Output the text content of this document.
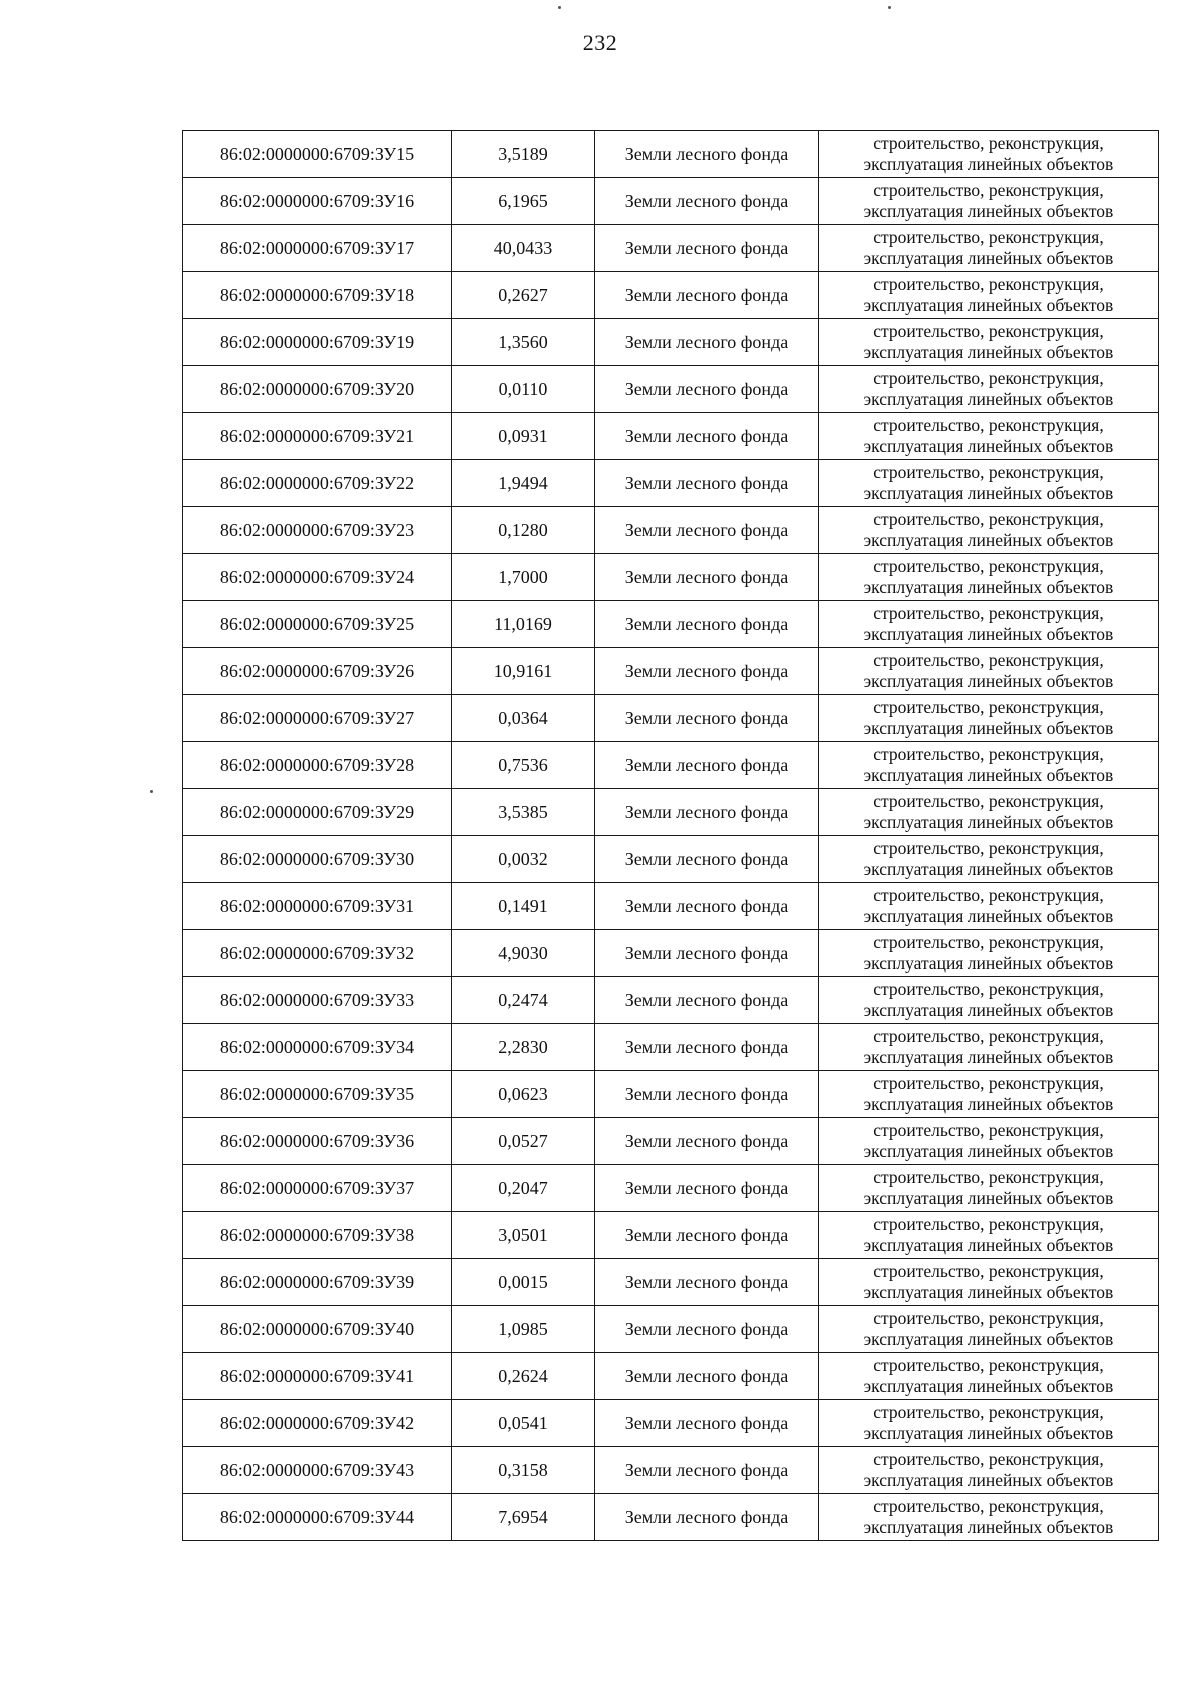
232
86:02:0000000:6709:ЗУ15	3,5189	Земли лесного фонда	строительство, реконструкция,
эксплуатация линейных объектов

86:02:0000000:6709:ЗУ16	6,1965	Земли лесного фонда	строительство, реконструкция,
эксплуатация линейных объектов

86:02:0000000:6709:ЗУ17	40,0433	Земли лесного фонда	строительство, реконструкция,
эксплуатация линейных объектов

86:02:0000000:6709:ЗУ18	0,2627	Земли лесного фонда	строительство, реконструкция,
эксплуатация линейных объектов

86:02:0000000:6709:ЗУ19	1,3560	Земли лесного фонда	строительство, реконструкция,
эксплуатация линейных объектов

86:02:0000000:6709:ЗУ20	0,0110	Земли лесного фонда	строительство, реконструкция,
эксплуатация линейных объектов

86:02:0000000:6709:ЗУ21	0,0931	Земли лесного фонда	строительство, реконструкция,
эксплуатация линейных объектов

86:02:0000000:6709:ЗУ22	1,9494	Земли лесного фонда	строительство, реконструкция,
эксплуатация линейных объектов

86:02:0000000:6709:ЗУ23	0,1280	Земли лесного фонда	строительство, реконструкция,
эксплуатация линейных объектов

86:02:0000000:6709:ЗУ24	1,7000	Земли лесного фонда	строительство, реконструкция,
эксплуатация линейных объектов

86:02:0000000:6709:ЗУ25	11,0169	Земли лесного фонда	строительство, реконструкция,
эксплуатация линейных объектов

86:02:0000000:6709:ЗУ26	10,9161	Земли лесного фонда	строительство, реконструкция,
эксплуатация линейных объектов

86:02:0000000:6709:ЗУ27	0,0364	Земли лесного фонда	строительство, реконструкция,
эксплуатация линейных объектов

86:02:0000000:6709:ЗУ28	0,7536	Земли лесного фонда	строительство, реконструкция,
эксплуатация линейных объектов

86:02:0000000:6709:ЗУ29	3,5385	Земли лесного фонда	строительство, реконструкция,
эксплуатация линейных объектов

86:02:0000000:6709:ЗУ30	0,0032	Земли лесного фонда	строительство, реконструкция,
эксплуатация линейных объектов

86:02:0000000:6709:ЗУ31	0,1491	Земли лесного фонда	строительство, реконструкция,
эксплуатация линейных объектов

86:02:0000000:6709:ЗУ32	4,9030	Земли лесного фонда	строительство, реконструкция,
эксплуатация линейных объектов

86:02:0000000:6709:ЗУ33	0,2474	Земли лесного фонда	строительство, реконструкция,
эксплуатация линейных объектов

86:02:0000000:6709:ЗУ34	2,2830	Земли лесного фонда	строительство, реконструкция,
эксплуатация линейных объектов

86:02:0000000:6709:ЗУ35	0,0623	Земли лесного фонда	строительство, реконструкция,
эксплуатация линейных объектов

86:02:0000000:6709:ЗУ36	0,0527	Земли лесного фонда	строительство, реконструкция,
эксплуатация линейных объектов

86:02:0000000:6709:ЗУ37	0,2047	Земли лесного фонда	строительство, реконструкция,
эксплуатация линейных объектов

86:02:0000000:6709:ЗУ38	3,0501	Земли лесного фонда	строительство, реконструкция,
эксплуатация линейных объектов

86:02:0000000:6709:ЗУ39	0,0015	Земли лесного фонда	строительство, реконструкция,
эксплуатация линейных объектов

86:02:0000000:6709:ЗУ40	1,0985	Земли лесного фонда	строительство, реконструкция,
эксплуатация линейных объектов

86:02:0000000:6709:ЗУ41	0,2624	Земли лесного фонда	строительство, реконструкция,
эксплуатация линейных объектов

86:02:0000000:6709:ЗУ42	0,0541	Земли лесного фонда	строительство, реконструкция,
эксплуатация линейных объектов

86:02:0000000:6709:ЗУ43	0,3158	Земли лесного фонда	строительство, реконструкция,
эксплуатация линейных объектов

86:02:0000000:6709:ЗУ44	7,6954	Земли лесного фонда	строительство, реконструкция,
эксплуатация линейных объектов
